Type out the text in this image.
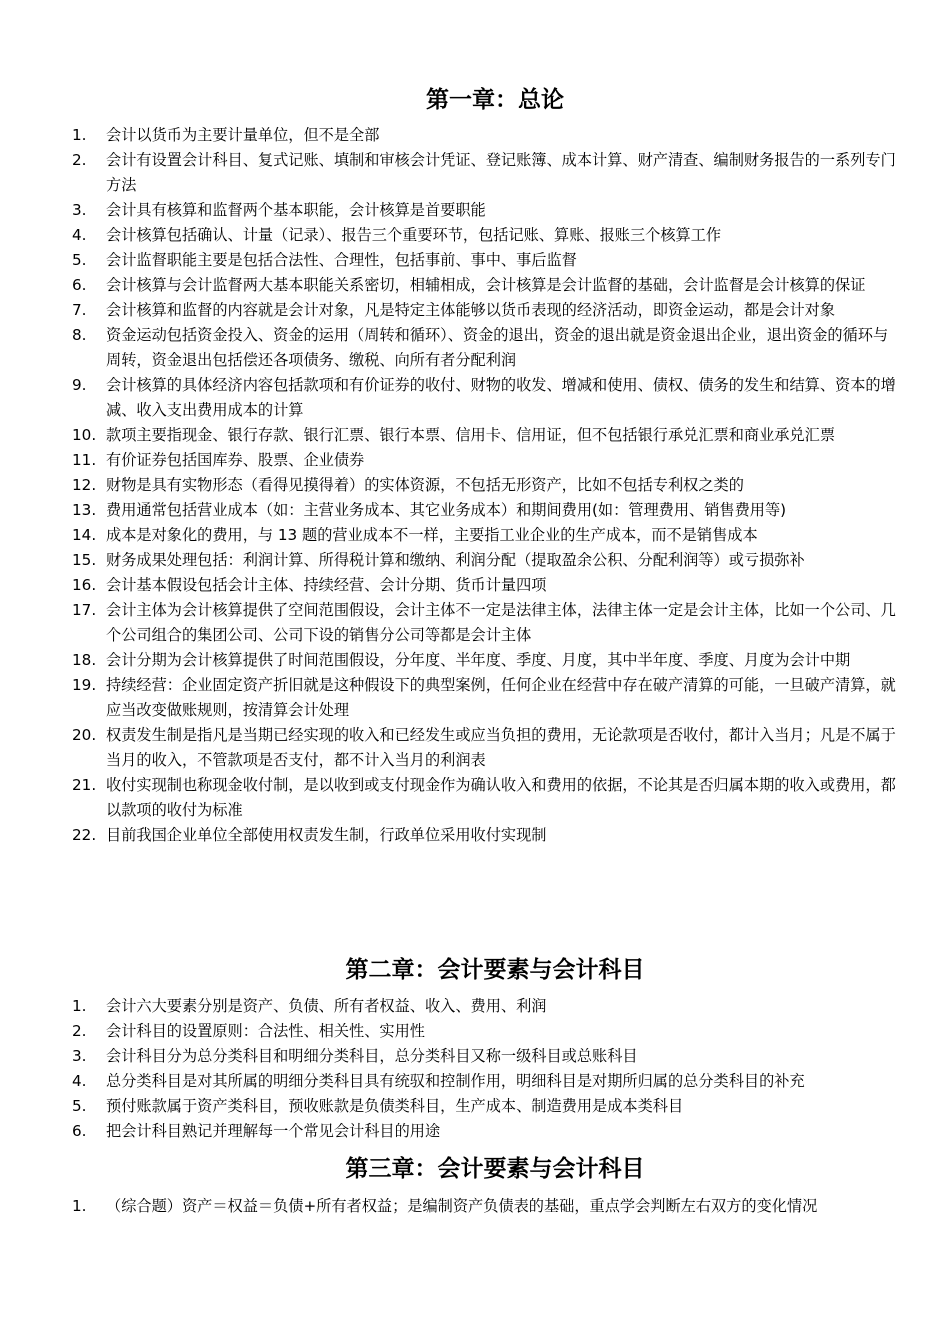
第一章：总论
1. 会计以货币为主要计量单位，但不是全部
2. 会计有设置会计科目、复式记账、填制和审核会计凭证、登记账簿、成本计算、财产清查、编制财务报告的一系列专门方法
3. 会计具有核算和监督两个基本职能，会计核算是首要职能
4. 会计核算包括确认、计量（记录）、报告三个重要环节，包括记账、算账、报账三个核算工作
5. 会计监督职能主要是包括合法性、合理性，包括事前、事中、事后监督
6. 会计核算与会计监督两大基本职能关系密切，相辅相成，会计核算是会计监督的基础，会计监督是会计核算的保证
7. 会计核算和监督的内容就是会计对象，凡是特定主体能够以货币表现的经济活动，即资金运动，都是会计对象
8. 资金运动包括资金投入、资金的运用（周转和循环）、资金的退出，资金的退出就是资金退出企业，退出资金的循环与周转，资金退出包括偿还各项债务、缴税、向所有者分配利润
9. 会计核算的具体经济内容包括款项和有价证券的收付、财物的收发、增减和使用、债权、债务的发生和结算、资本的增减、收入支出费用成本的计算
10. 款项主要指现金、银行存款、银行汇票、银行本票、信用卡、信用证，但不包括银行承兑汇票和商业承兑汇票
11. 有价证券包括国库券、股票、企业债券
12. 财物是具有实物形态（看得见摸得着）的实体资源，不包括无形资产，比如不包括专利权之类的
13. 费用通常包括营业成本（如：主营业务成本、其它业务成本）和期间费用(如：管理费用、销售费用等)
14. 成本是对象化的费用，与 13 题的营业成本不一样，主要指工业企业的生产成本，而不是销售成本
15. 财务成果处理包括：利润计算、所得税计算和缴纳、利润分配（提取盈余公积、分配利润等）或亏损弥补
16. 会计基本假设包括会计主体、持续经营、会计分期、货币计量四项
17. 会计主体为会计核算提供了空间范围假设，会计主体不一定是法律主体，法律主体一定是会计主体，比如一个公司、几个公司组合的集团公司、公司下设的销售分公司等都是会计主体
18. 会计分期为会计核算提供了时间范围假设，分年度、半年度、季度、月度，其中半年度、季度、月度为会计中期
19. 持续经营：企业固定资产折旧就是这种假设下的典型案例，任何企业在经营中存在破产清算的可能，一旦破产清算，就应当改变做账规则，按清算会计处理
20. 权责发生制是指凡是当期已经实现的收入和已经发生或应当负担的费用，无论款项是否收付，都计入当月；凡是不属于当月的收入，不管款项是否支付，都不计入当月的利润表
21. 收付实现制也称现金收付制，是以收到或支付现金作为确认收入和费用的依据，不论其是否归属本期的收入或费用，都以款项的收付为标准
22. 目前我国企业单位全部使用权责发生制，行政单位采用收付实现制
第二章：会计要素与会计科目
1. 会计六大要素分别是资产、负债、所有者权益、收入、费用、利润
2. 会计科目的设置原则：合法性、相关性、实用性
3. 会计科目分为总分类科目和明细分类科目，总分类科目又称一级科目或总账科目
4. 总分类科目是对其所属的明细分类科目具有统驭和控制作用，明细科目是对期所归属的总分类科目的补充
5. 预付账款属于资产类科目，预收账款是负债类科目，生产成本、制造费用是成本类科目
6. 把会计科目熟记并理解每一个常见会计科目的用途
第三章：会计要素与会计科目
1. （综合题）资产＝权益＝负债+所有者权益；是编制资产负债表的基础，重点学会判断左右双方的变化情况
